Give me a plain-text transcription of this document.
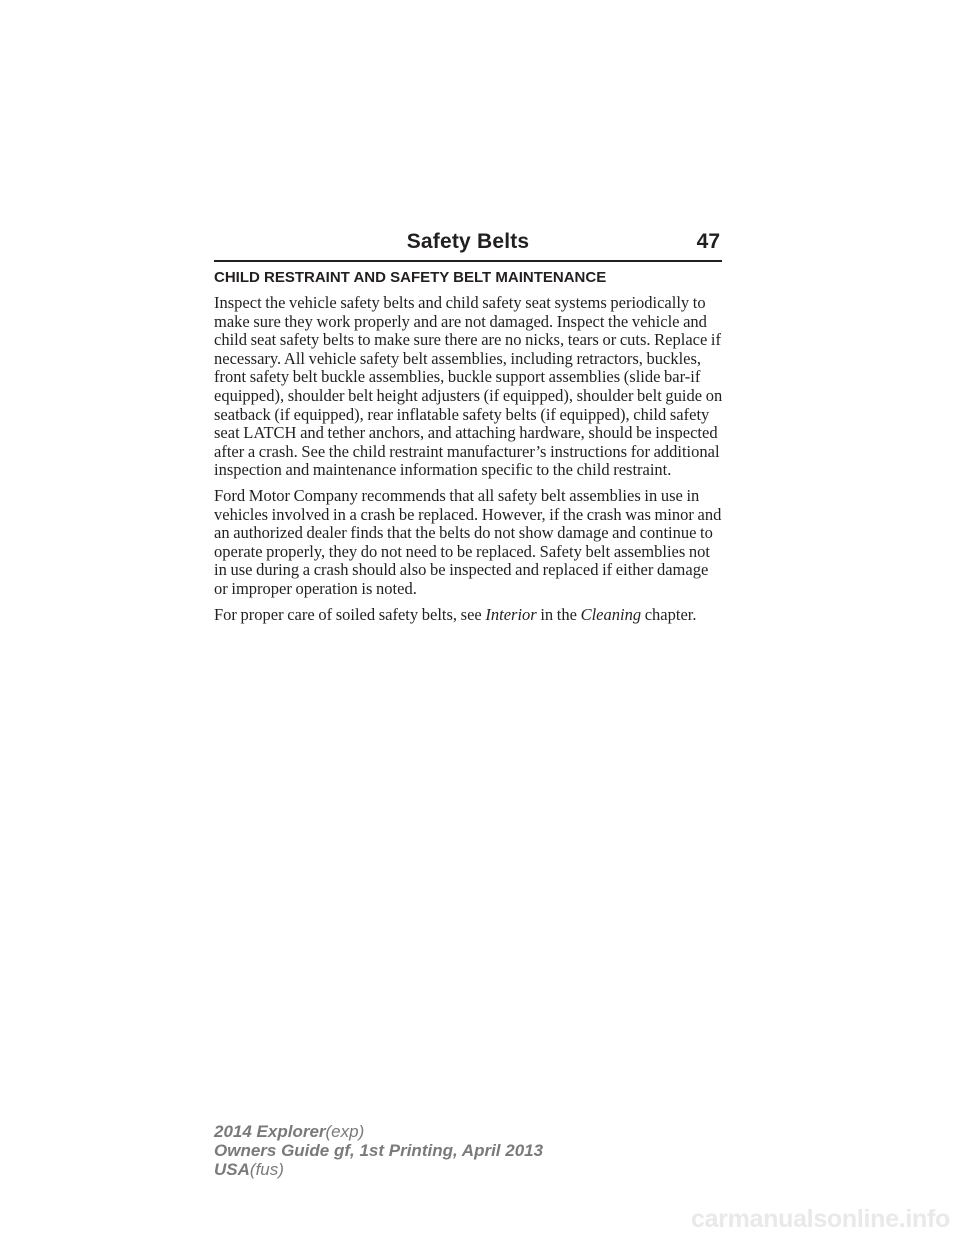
Safety Belts	47
CHILD RESTRAINT AND SAFETY BELT MAINTENANCE

Inspect the vehicle safety belts and child safety seat systems periodically to make sure they work properly and are not damaged. Inspect the vehicle and child seat safety belts to make sure there are no nicks, tears or cuts. Replace if necessary. All vehicle safety belt assemblies, including retractors, buckles, front safety belt buckle assemblies, buckle support assemblies (slide bar-if equipped), shoulder belt height adjusters (if equipped), shoulder belt guide on seatback (if equipped), rear inflatable safety belts (if equipped), child safety seat LATCH and tether anchors, and attaching hardware, should be inspected after a crash. See the child restraint manufacturer’s instructions for additional inspection and maintenance information specific to the child restraint.

Ford Motor Company recommends that all safety belt assemblies in use in vehicles involved in a crash be replaced. However, if the crash was minor and an authorized dealer finds that the belts do not show damage and continue to operate properly, they do not need to be replaced. Safety belt assemblies not in use during a crash should also be inspected and replaced if either damage or improper operation is noted.

For proper care of soiled safety belts, see Interior in the Cleaning chapter.

2014 Explorer(exp)
Owners Guide gf, 1st Printing, April 2013
USA(fus)
carmanualsonline.info
